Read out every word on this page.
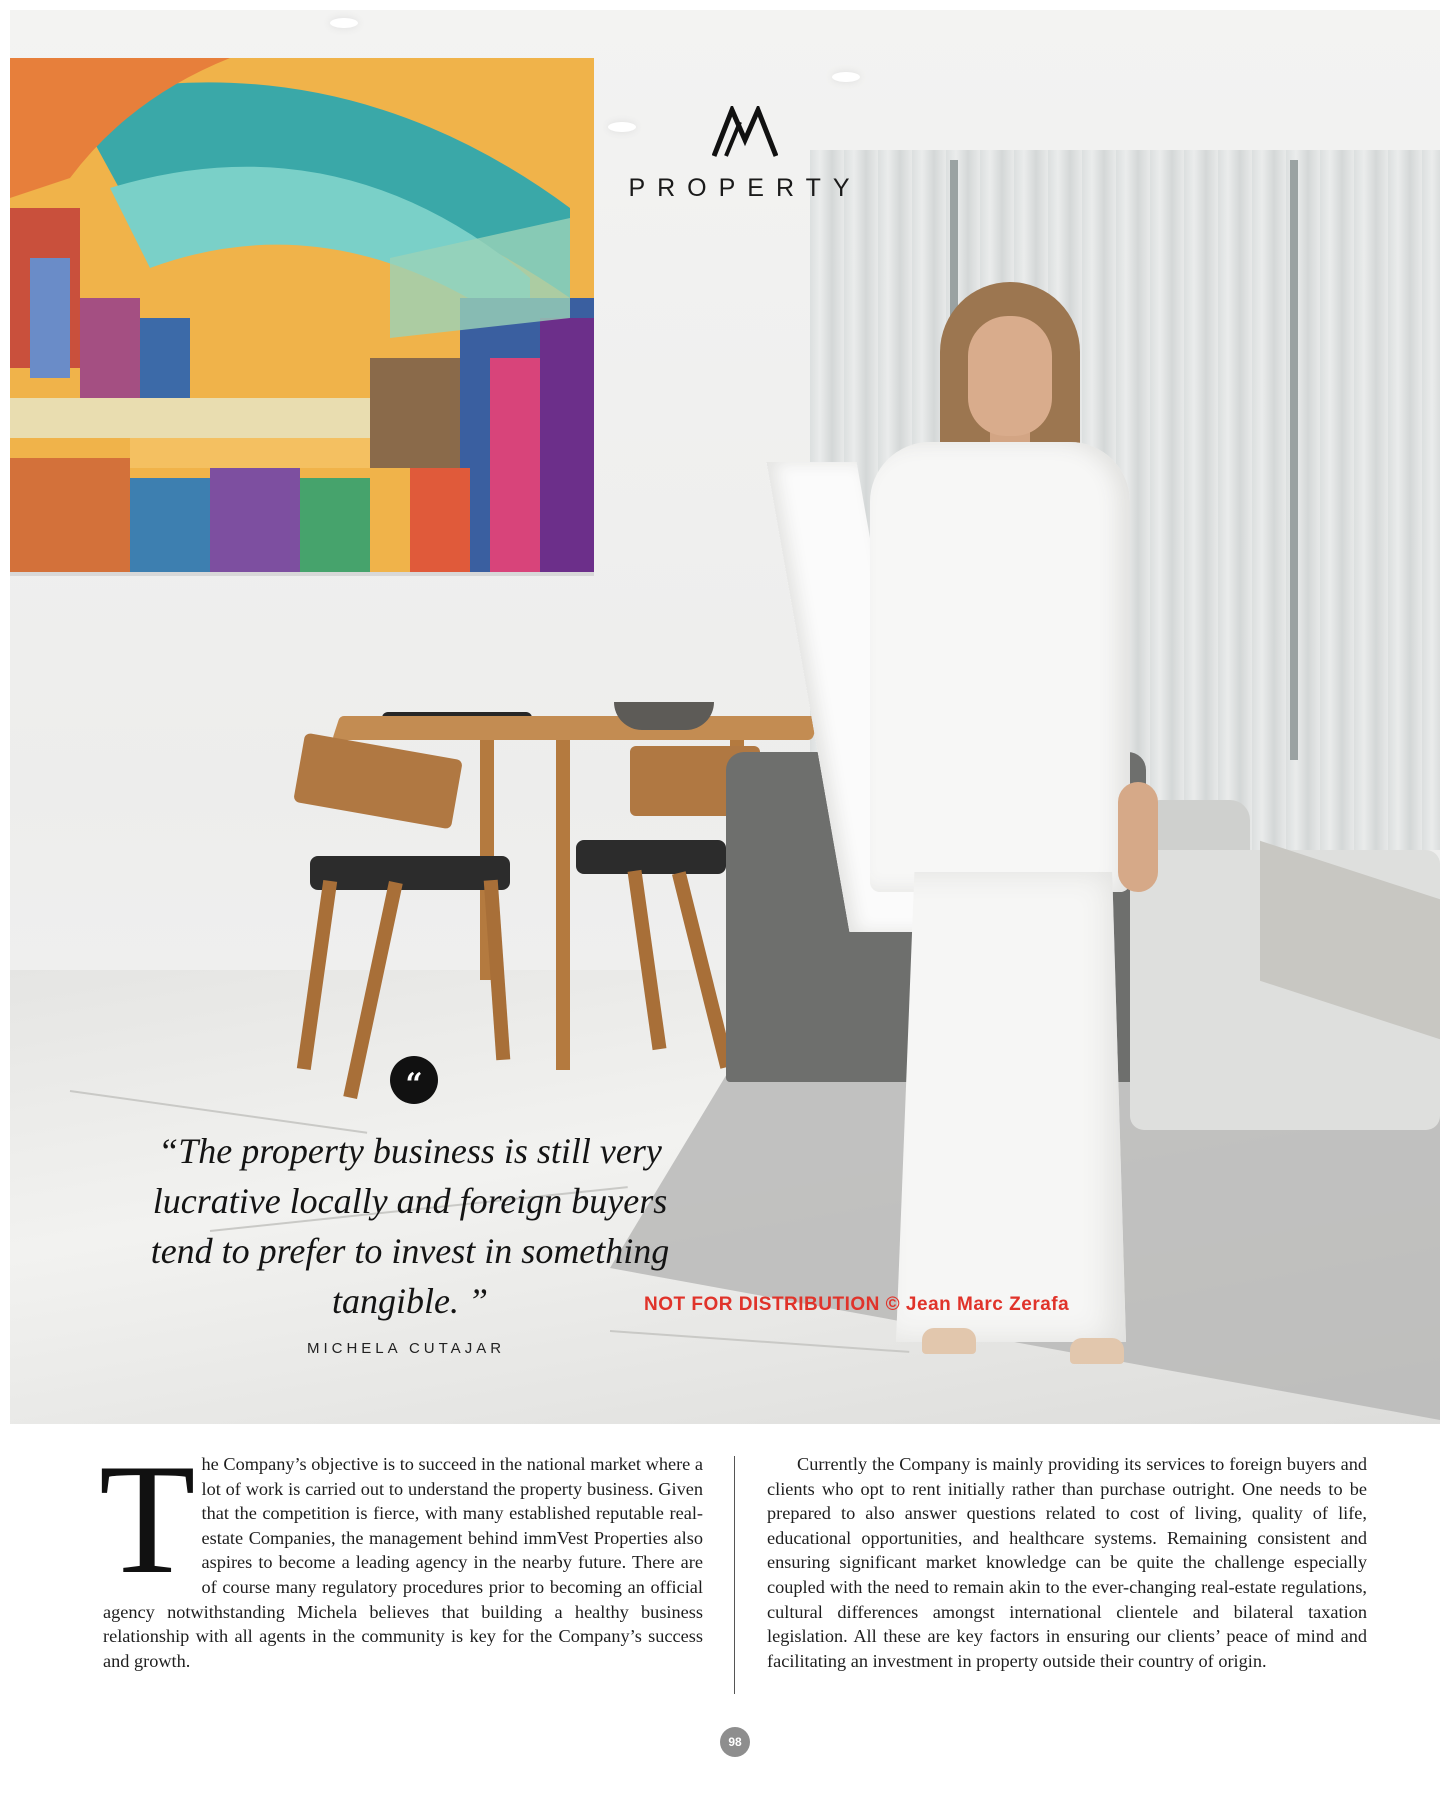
PROPERTY
“
“The property business is still very lucrative locally and foreign buyers tend to prefer to invest in something tangible. ”
MICHELA CUTAJAR
NOT FOR DISTRIBUTION © Jean Marc Zerafa
T he Company’s objective is to succeed in the national market where a lot of work is carried out to understand the property business. Given that the competition is fierce, with many established reputable real-estate Companies, the management behind immVest Properties also aspires to become a leading agency in the nearby future. There are of course many regulatory procedures prior to becoming an official agency notwithstanding Michela believes that building a healthy business relationship with all agents in the community is key for the Company’s success and growth.
Currently the Company is mainly providing its services to foreign buyers and clients who opt to rent initially rather than purchase outright. One needs to be prepared to also answer questions related to cost of living, quality of life, educational opportunities, and healthcare systems. Remaining consistent and ensuring significant market knowledge can be quite the challenge especially coupled with the need to remain akin to the ever-changing real-estate regulations, cultural differences amongst international clientele and bilateral taxation legislation. All these are key factors in ensuring our clients’ peace of mind and facilitating an investment in property outside their country of origin.
98
